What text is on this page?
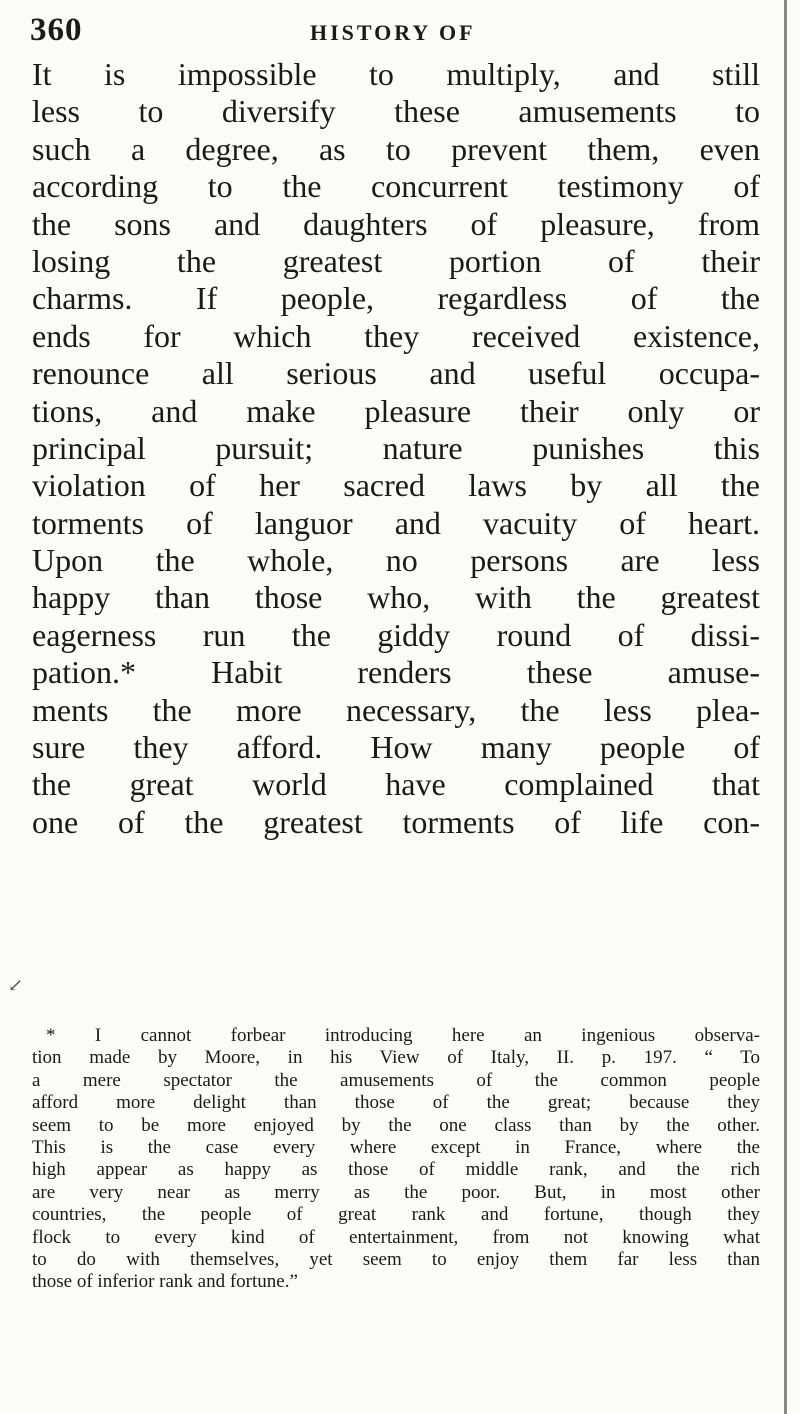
360	HISTORY OF
It is impossible to multiply, and still
less to diversify these amusements to
such a degree, as to prevent them, even
according to the concurrent testimony of
the sons and daughters of pleasure, from
losing the greatest portion of their
charms. If people, regardless of the
ends for which they received existence,
renounce all serious and useful occupa-
tions, and make pleasure their only or
principal pursuit; nature punishes this
violation of her sacred laws by all the
torments of languor and vacuity of heart.
Upon the whole, no persons are less
happy than those who, with the greatest
eagerness run the giddy round of dissi-
pation.* Habit renders these amuse-
ments the more necessary, the less plea-
sure they afford. How many people of
the great world have complained that
one of the greatest torments of life con-
↙
* I cannot forbear introducing here an ingenious observa-
tion made by Moore, in his View of Italy, II. p. 197. “ To
a mere spectator the amusements of the common people
afford more delight than those of the great; because they
seem to be more enjoyed by the one class than by the other.
This is the case every where except in France, where the
high appear as happy as those of middle rank, and the rich
are very near as merry as the poor. But, in most other
countries, the people of great rank and fortune, though they
flock to every kind of entertainment, from not knowing what
to do with themselves, yet seem to enjoy them far less than
those of inferior rank and fortune.”
